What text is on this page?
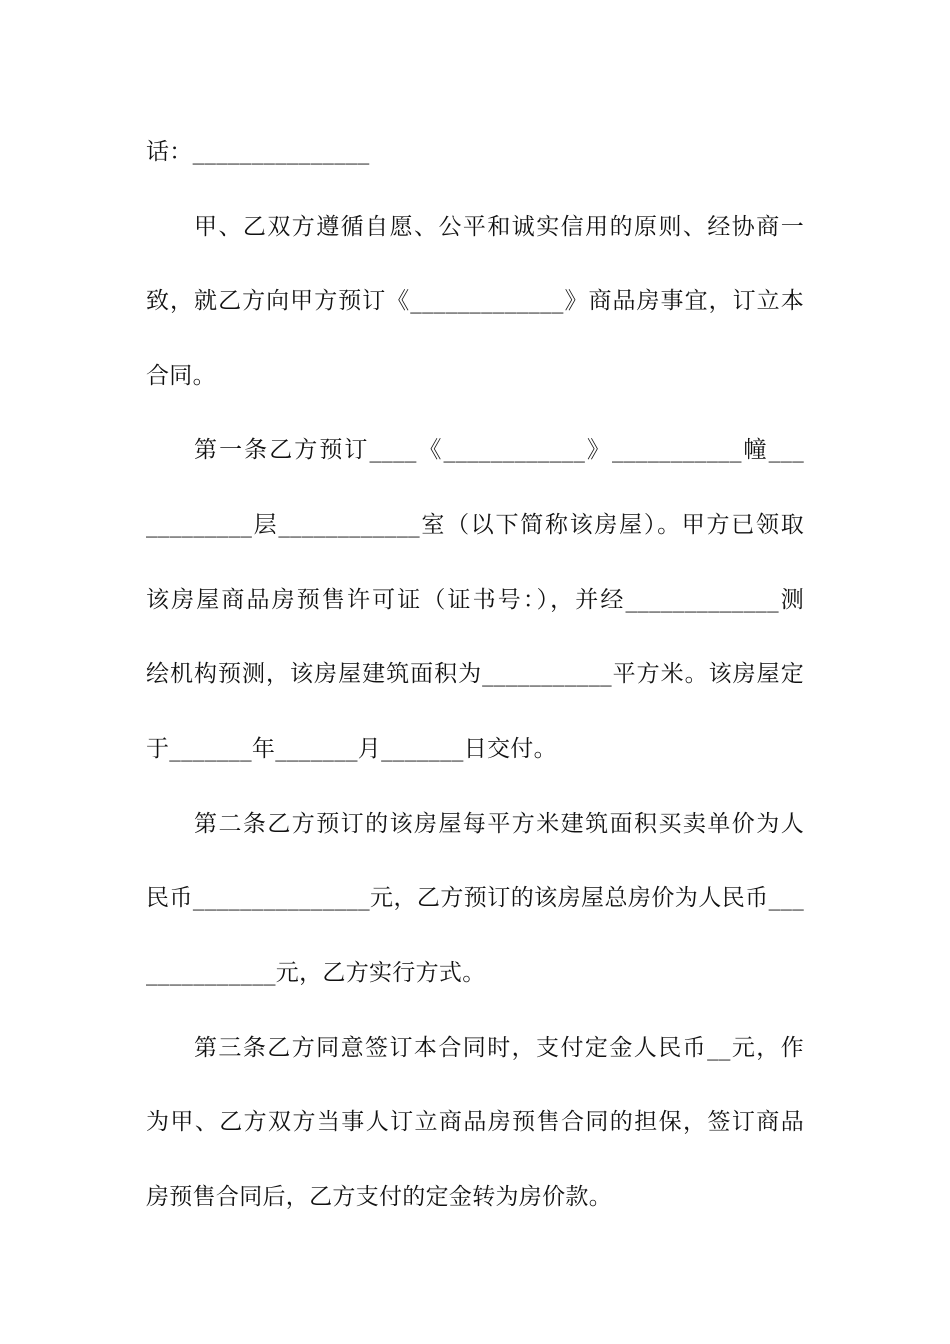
话：_______________
甲、乙双方遵循自愿、公平和诚实信用的原则、经协商一
致，就乙方向甲方预订《_____________》商品房事宜，订立本
合同。
第一条乙方预订____《____________》___________幢___
_________层____________室（以下简称该房屋）。甲方已领取
该房屋商品房预售许可证（证书号：），并经_____________测
绘机构预测，该房屋建筑面积为___________平方米。该房屋定
于_______年_______月_______日交付。
第二条乙方预订的该房屋每平方米建筑面积买卖单价为人
民币_______________元，乙方预订的该房屋总房价为人民币___
___________元，乙方实行方式。
第三条乙方同意签订本合同时，支付定金人民币__元，作
为甲、乙方双方当事人订立商品房预售合同的担保，签订商品
房预售合同后，乙方支付的定金转为房价款。
